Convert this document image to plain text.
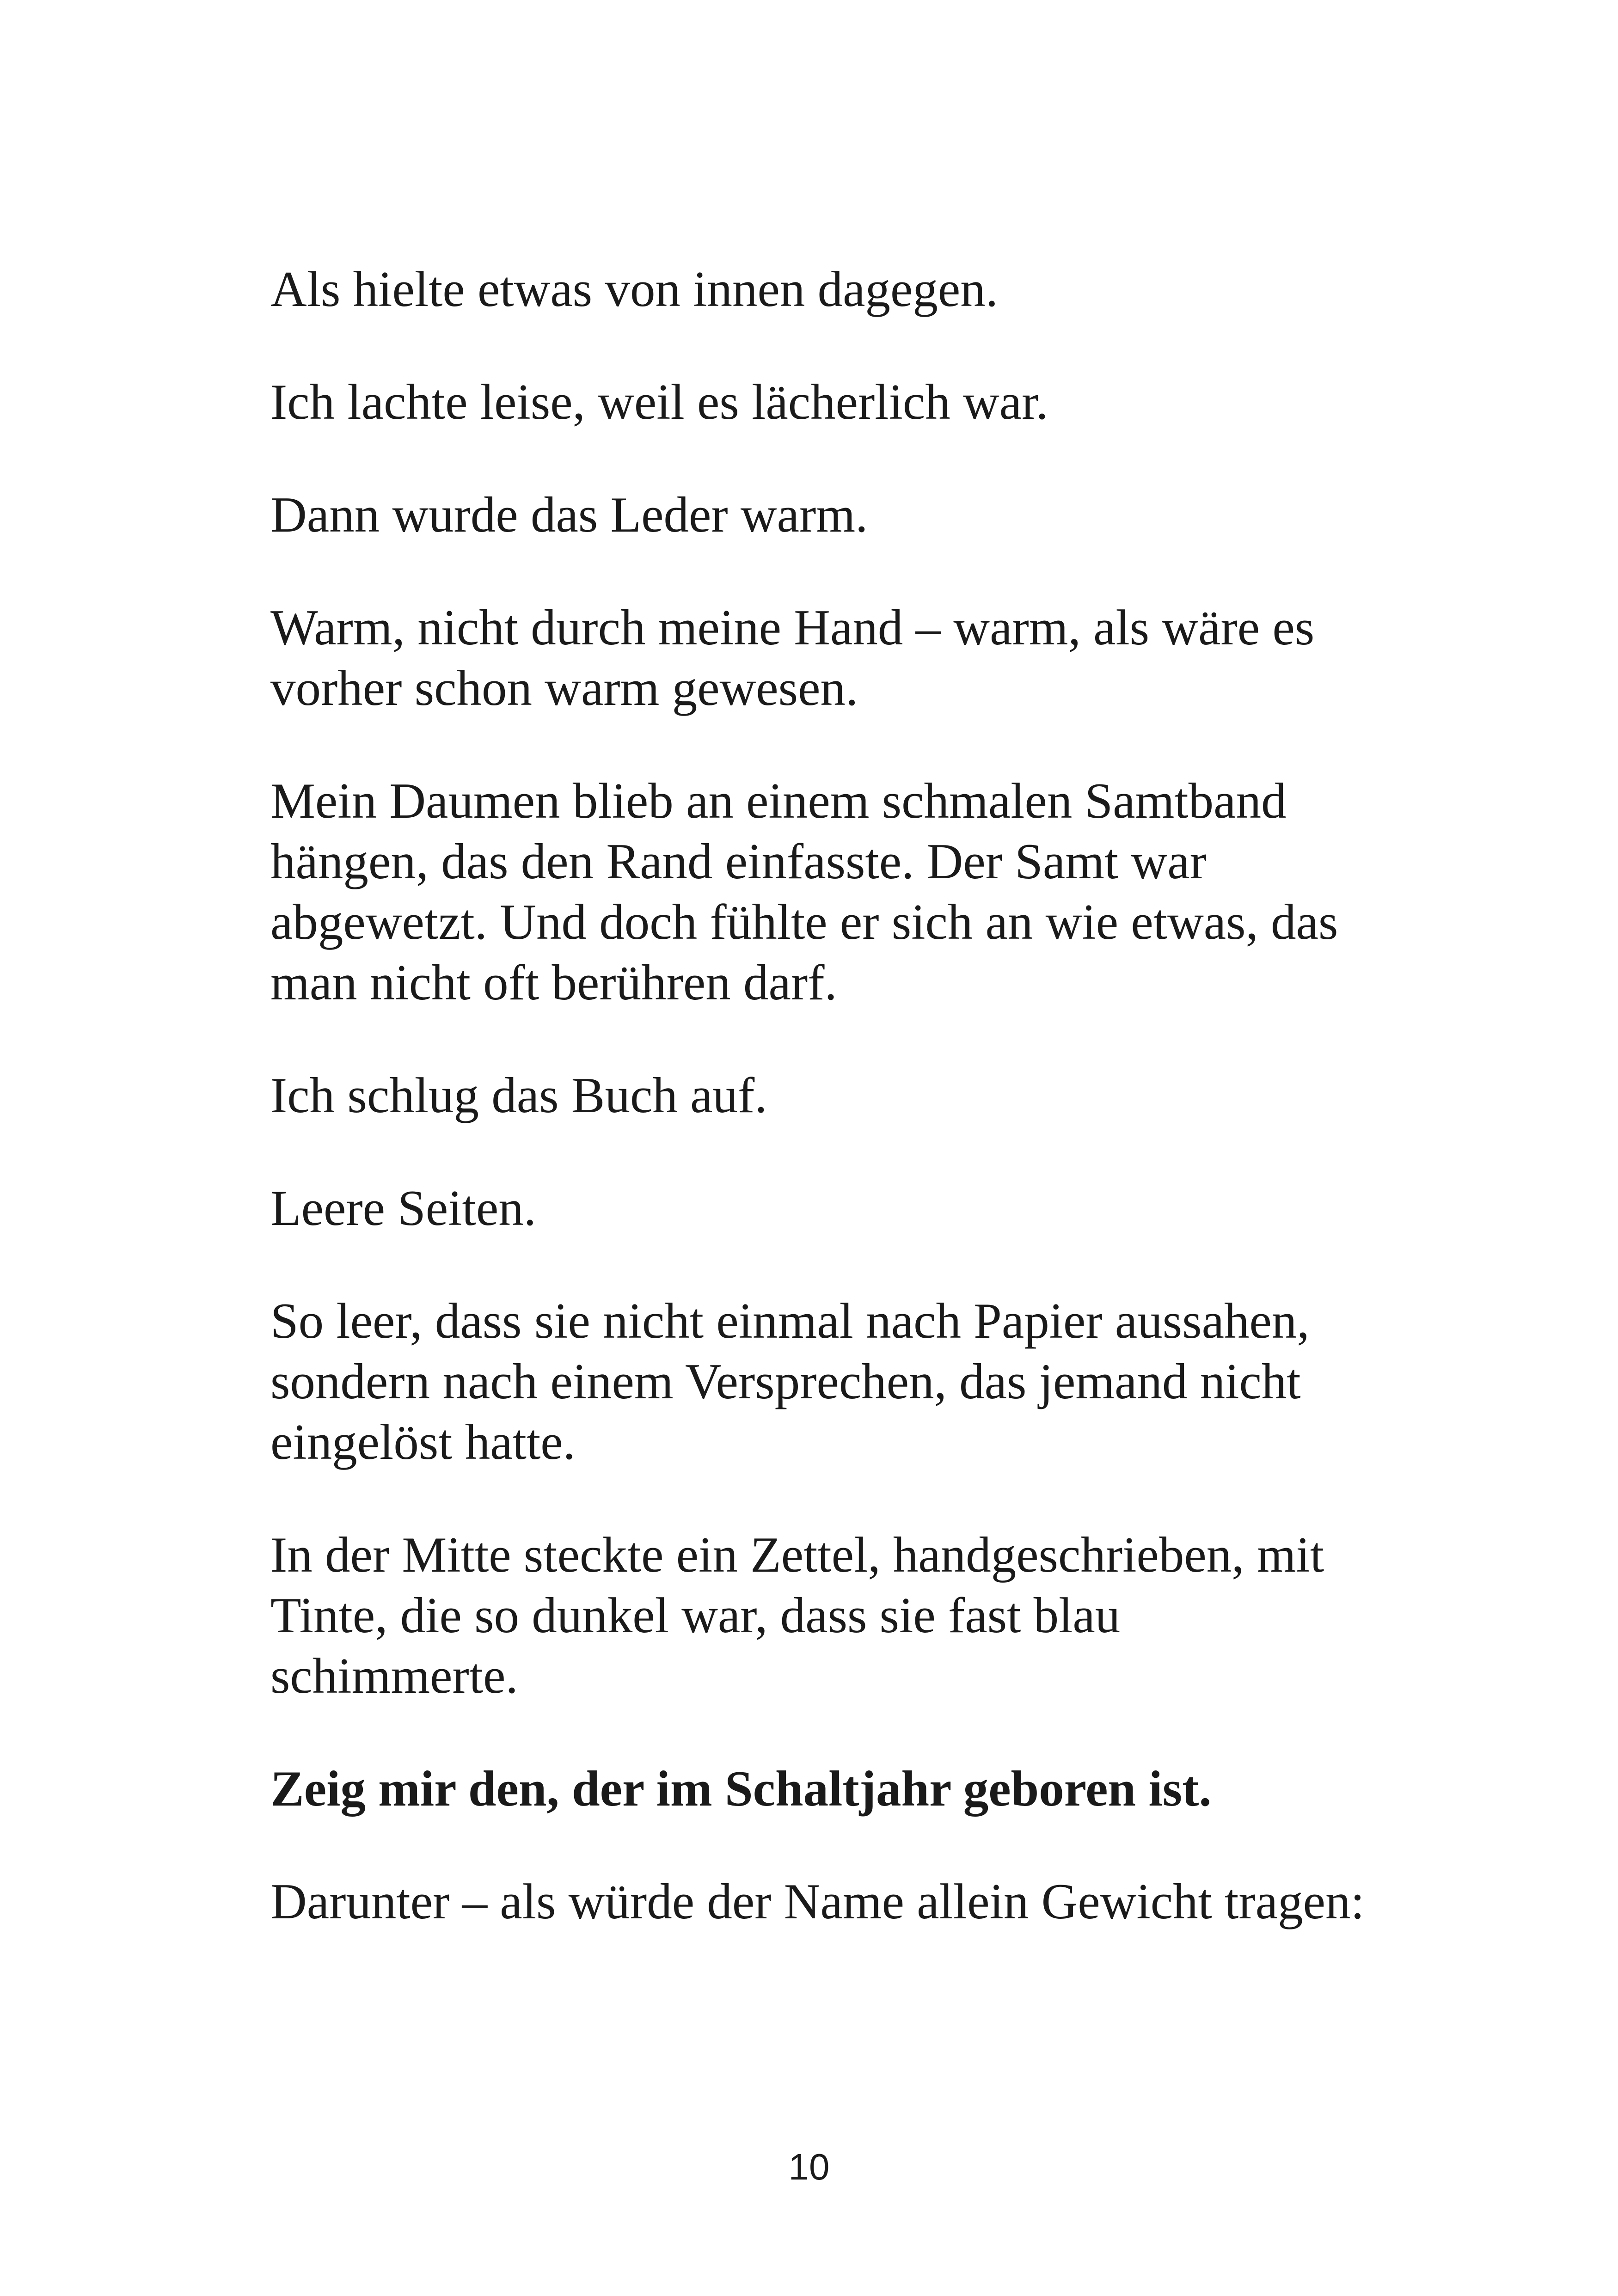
Als hielte etwas von innen dagegen.

Ich lachte leise, weil es lächerlich war.

Dann wurde das Leder warm.

Warm, nicht durch meine Hand – warm, als wäre es vorher schon warm gewesen.

Mein Daumen blieb an einem schmalen Samtband hängen, das den Rand einfasste. Der Samt war abgewetzt. Und doch fühlte er sich an wie etwas, das man nicht oft berühren darf.

Ich schlug das Buch auf.

Leere Seiten.

So leer, dass sie nicht einmal nach Papier aussahen, sondern nach einem Versprechen, das jemand nicht eingelöst hatte.

In der Mitte steckte ein Zettel, handgeschrieben, mit Tinte, die so dunkel war, dass sie fast blau schimmerte.

Zeig mir den, der im Schaltjahr geboren ist.

Darunter – als würde der Name allein Gewicht tragen:

10
